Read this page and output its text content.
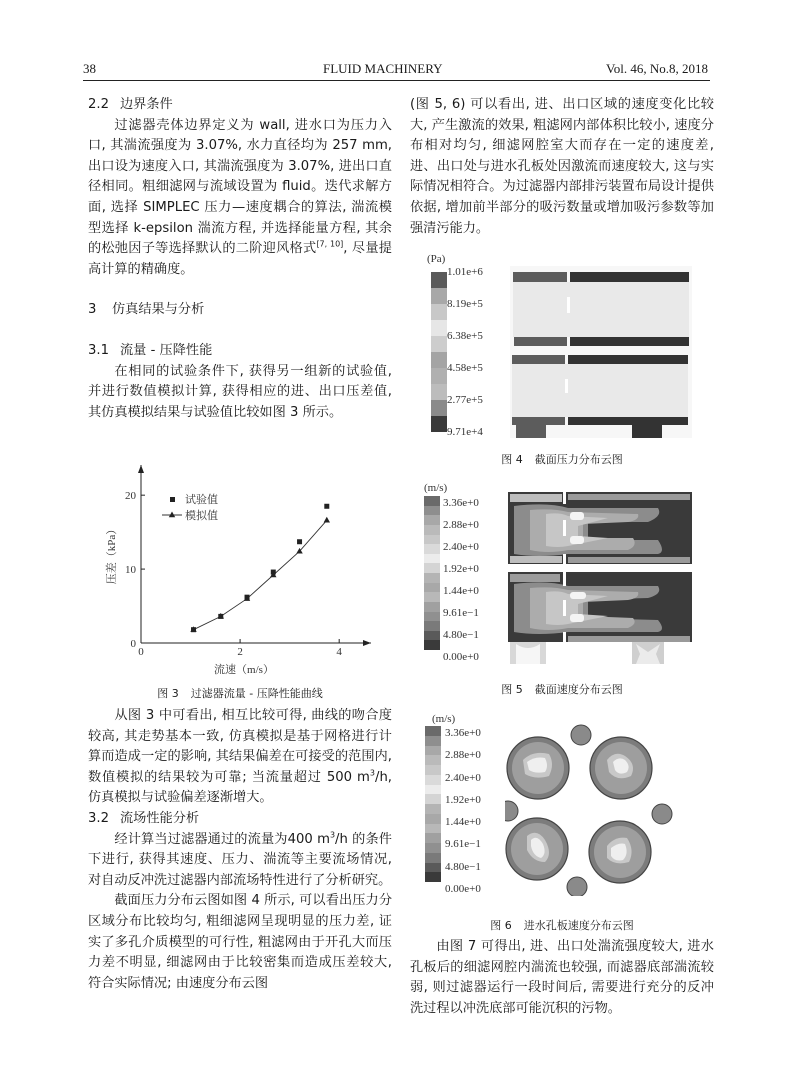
38	FLUID MACHINERY	Vol. 46, No.8, 2018

2.2 边界条件

过滤器壳体边界定义为 wall, 进水口为压力入口, 其湍流强度为 3.07%, 水力直径均为 257 mm, 出口设为速度入口, 其湍流强度为 3.07%, 进出口直径相同。粗细滤网与流域设置为 fluid。迭代求解方面, 选择 SIMPLEC 压力—速度耦合的算法, 湍流模型选择 k-epsilon 湍流方程, 并选择能量方程, 其余的松弛因子等选择默认的二阶迎风格式[7, 10], 尽量提高计算的精确度。

3 仿真结果与分析

3.1 流量 - 压降性能

在相同的试验条件下, 获得另一组新的试验值, 并进行数值模拟计算, 获得相应的进、出口压差值, 其仿真模拟结果与试验值比较如图 3 所示。

0	2	4
0
10
20
流速（m/s）
压差（kPa）
试验值
模拟值
图 3 过滤器流量 - 压降性能曲线

从图 3 中可看出, 相互比较可得, 曲线的吻合度较高, 其走势基本一致, 仿真模拟是基于网格进行计算而造成一定的影响, 其结果偏差在可接受的范围内, 数值模拟的结果较为可靠; 当流量超过 500 $m^3/h$, 仿真模拟与试验偏差逐渐增大。

3.2 流场性能分析

经计算当过滤器通过的流量为400 $m^3/h$ 的条件下进行, 获得其速度、压力、湍流等主要流场情况, 对自动反冲洗过滤器内部流场特性进行了分析研究。

截面压力分布云图如图 4 所示, 可以看出压力分区域分布比较均匀, 粗细滤网呈现明显的压力差, 证实了多孔介质模型的可行性, 粗滤网由于开孔大而压力差不明显, 细滤网由于比较密集而造成压差较大, 符合实际情况; 由速度分布云图

(图 5, 6) 可以看出, 进、出口区域的速度变化比较大, 产生激流的效果, 粗滤网内部体积比较小, 速度分布相对均匀, 细滤网腔室大而存在一定的速度差, 进、出口处与进水孔板处因激流而速度较大, 这与实际情况相符合。为过滤器内部排污装置布局设计提供依据, 增加前半部分的吸污数量或增加吸污参数等加强清污能力。

(Pa)
1.01e+6
8.19e+5
6.38e+5
4.58e+5
2.77e+5
9.71e+4
图 4 截面压力分布云图
(m/s)
3.36e+0
2.88e+0
2.40e+0
1.92e+0
1.44e+0
9.61e−1
4.80e−1
0.00e+0
图 5 截面速度分布云图
(m/s)
3.36e+0
2.88e+0
2.40e+0
1.92e+0
1.44e+0
9.61e−1
4.80e−1
0.00e+0
图 6 进水孔板速度分布云图

由图 7 可得出, 进、出口处湍流强度较大, 进水孔板后的细滤网腔内湍流也较强, 而滤器底部湍流较弱, 则过滤器运行一段时间后, 需要进行充分的反冲洗过程以冲洗底部可能沉积的污物。
